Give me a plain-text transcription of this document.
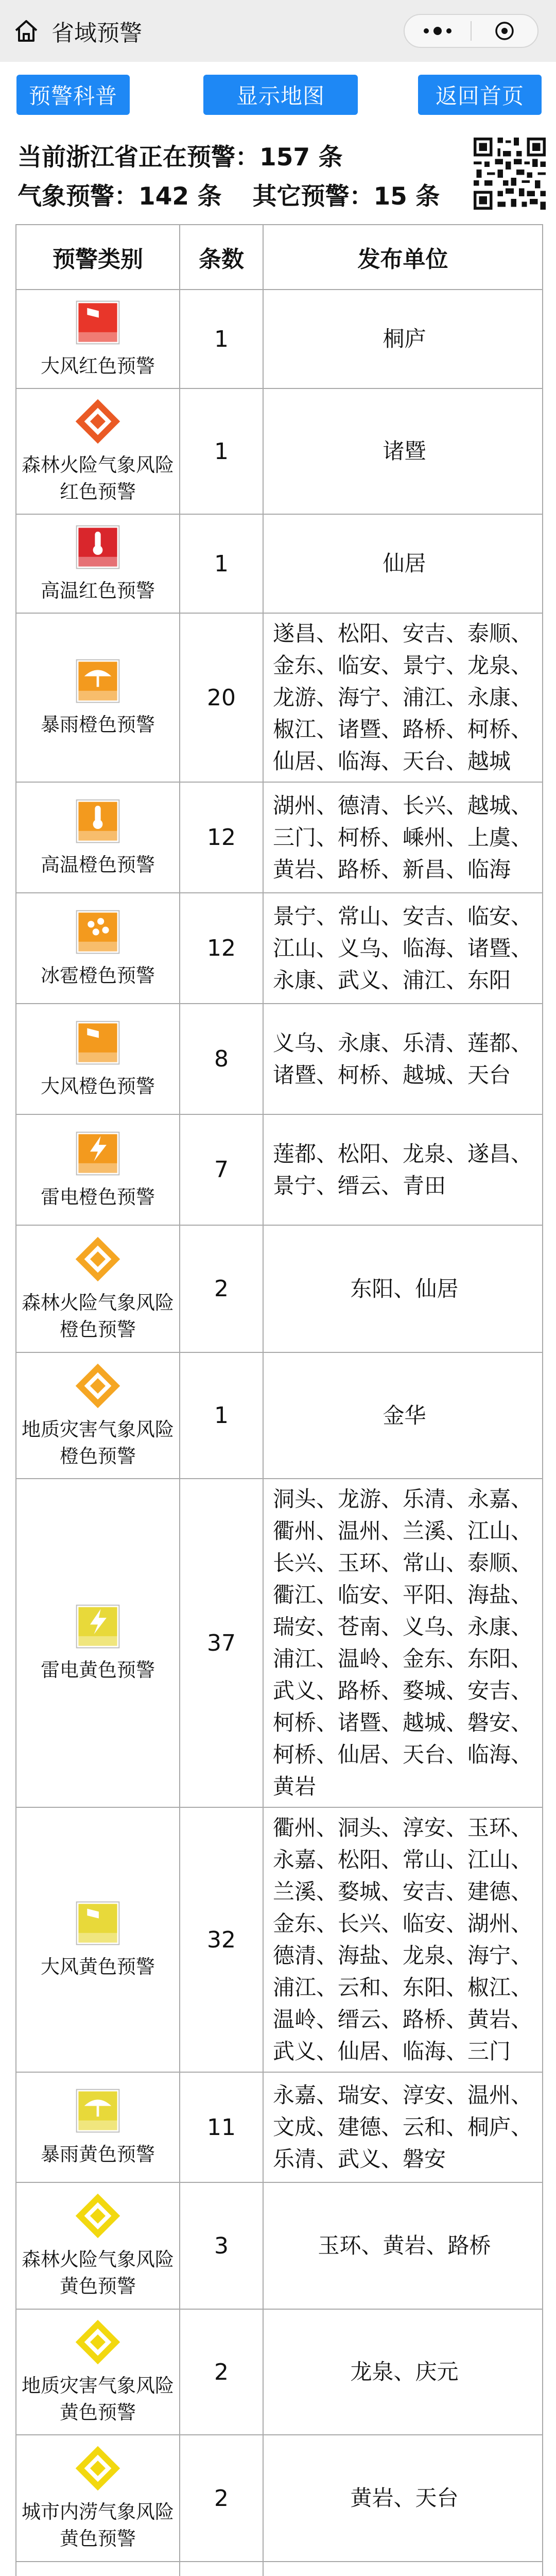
省域预警
预警科普	显示地图	返回首页
当前浙江省正在预警：157 条
气象预警：142 条 其它预警：15 条
预警类别	条数	发布单位

大风红色预警	1	桐庐

森林火险气象风险红色预警	1	诸暨

高温红色预警	1	仙居

暴雨橙色预警	20	遂昌、松阳、安吉、泰顺、金东、临安、景宁、龙泉、龙游、海宁、浦江、永康、椒江、诸暨、路桥、柯桥、仙居、临海、天台、越城

高温橙色预警	12	湖州、德清、长兴、越城、三门、柯桥、嵊州、上虞、黄岩、路桥、新昌、临海

冰雹橙色预警	12	景宁、常山、安吉、临安、江山、义乌、临海、诸暨、永康、武义、浦江、东阳

大风橙色预警	8	义乌、永康、乐清、莲都、诸暨、柯桥、越城、天台

雷电橙色预警	7	莲都、松阳、龙泉、遂昌、景宁、缙云、青田

森林火险气象风险橙色预警	2	东阳、仙居

地质灾害气象风险橙色预警	1	金华

雷电黄色预警	37	洞头、龙游、乐清、永嘉、衢州、温州、兰溪、江山、长兴、玉环、常山、泰顺、衢江、临安、平阳、海盐、瑞安、苍南、义乌、永康、浦江、温岭、金东、东阳、武义、路桥、婺城、安吉、柯桥、诸暨、越城、磐安、柯桥、仙居、天台、临海、黄岩

大风黄色预警	32	衢州、洞头、淳安、玉环、永嘉、松阳、常山、江山、兰溪、婺城、安吉、建德、金东、长兴、临安、湖州、德清、海盐、龙泉、海宁、浦江、云和、东阳、椒江、温岭、缙云、路桥、黄岩、武义、仙居、临海、三门

暴雨黄色预警	11	永嘉、瑞安、淳安、温州、文成、建德、云和、桐庐、乐清、武义、磐安

森林火险气象风险黄色预警	3	玉环、黄岩、路桥

地质灾害气象风险黄色预警	2	龙泉、庆元

城市内涝气象风险黄色预警	2	黄岩、天台
